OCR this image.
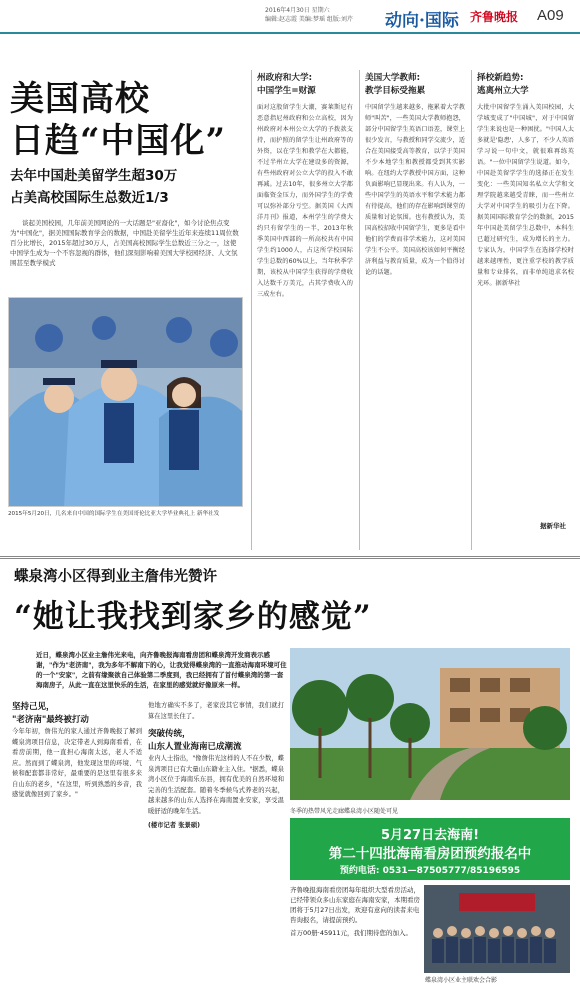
2016年4月30日 星期六
编辑:赵志霞 美编:梦瑶 组版:刘芹	动向·国际 齐鲁晚报 A09
美国高校
日趋“中国化”
去年中国赴美留学生超30万
占美高校国际生总数近1/3
谈起美国校园，几年前美国网论的一大话题是"亚裔化"，如今讨论焦点变为"中国化"，据美国国际教育学会的数据，中国赴美留学生近年来连续11周位数百分比增长，2015年超过30万人，占美国高校国际学生总数近三分之一，这使中国学生成为一个不容忽视的群体，他们深刻影响着美国大学校园经济、人文氛围甚至教学模式
2015年5月20日，几名来自中国的国际学生在美国哥伦比亚大学毕业典礼上 新华社发
州政府和大学:
中国学生=财源
面对这股留学生大潮，赛莱斯尼有恶意指尼州政府和公立高校，因为州政府对本州公立大学的予拨款支持，而护照的留学生让州政府等的外资，以在学生和教学在大都能，不过半州立大学在建设多的资源，有些州政府对公立大学的投入不敢再减。过去10年，很多州立大学都面临资金压力，而外国学生的学费可以弥补部分亏空。据美国《大西洋月刊》报道，本州学生的学费大约只有留学生的一半，2013年秋季美国中西部的一所高校共有中国学生约1000人，占这所学校国际学生总数的60%以上，当年秋季学期，该校从中国学生获得的学费收入达数千万美元，占其学费收入的三成左右。
美国大学教师:
教学目标受拖累
中国留学生越来越多，拖累着大学教师"叫苦"，一些美国大学教师抱怨，部分中国留学生英语口语差，课堂上很少发言，与教授和同学交流少，适合在美国接受高等教育，以学于美国不少本地学生和教授都受到其实影响。在纽约大学教授中国方面，这种负面影响已显现出来。有人认为，一些中国学生的英语水平和学术能力都有待提高，他们的存在影响到课堂的质量和讨论氛围。也有教授认为，美国高校招收中国留学生，更多是看中他们的学费而非学术能力，这对美国学生不公平。美国高校该如何平衡经济利益与教育质量，成为一个值得讨论的话题。
择校新趋势:
逃离州立大学
大批中国留学生涌入美国校园，大学城变成了"中国城"，对于中国留学生来说也是一种困扰。"中国人太多就是'隐患'，人多了，不少人英语学习说一句中文，就很难再练英语。"一位中国留学生说道。如今，中国赴美留学学生的选择正在发生变化：一些美国知名私立大学和文理学院越来越受青睐，而一些州立大学对中国学生的吸引力在下降。据美国国际教育学会的数据，2015年中国赴美留学生总数中，本科生已超过研究生，成为增长的主力。专家认为，中国学生在选择学校时越来越理性，更注重学校的教学质量和专业排名，而非单纯追求名校光环。据新华社
据新华社
蝶泉湾小区得到业主詹伟光赞许
“她让我找到家乡的感觉”
近日，蝶泉湾小区业主詹伟光来电，向齐鲁晚报海南看房团和蝶泉湾开发商表示感谢，"作为"老济南"，我为多年不解南下的心，让我觉得蝶泉湾的一直推动海南环境可住的一个"安家"，之前有缘聚欲自己体验第二季度到，我已经拥有了首付蝶泉湾的第一套海南房子，从此一直在这里快乐的生活，在家里的感觉就好像原来一样。
坚持己见，
"老济南"最终被打动
今年年初，詹伟光的家人通过齐鲁晚报了解到蝶泉湾项目信息，决定带老人到海南看看，在看房前期，他一直担心海南太远，老人不适应。然而到了蝶泉湾，他发现这里的环境、气候和配套都非常好，最重要的是这里有很多来自山东的老乡，"在这里，听到熟悉的乡音，我感觉就像回到了家乡。"
他地方确实不多了，老家没其它事情，我们就打算在这里长住了。
突破传统，
山东人置业海南已成潮流
业内人士指出，"像詹伟光这样的人不在少数，蝶泉湾项目已有大量山东籍业主入住。"据悉，蝶泉湾小区位于海南乐东县，拥有优美的自然环境和完善的生活配套。随着冬季候鸟式养老的兴起，越来越多的山东人选择在海南置业安家，享受温暖舒适的晚年生活。
(楼市记者 张景硕)
冬季的热带风光走廊蝶泉湾小区随处可见
5月27日去海南!
第二十四批海南看房团预约报名中
预约电话: 0531—87505777/85196595
齐鲁晚报海南看房团每年组织大型看房活动，已经带领众多山东家庭在海南安家，本期看房团将于5月27日出发，欢迎有意向的读者来电咨询报名，请提前预约。
首万00册·45911元，我们期待您的加入。
蝶泉湾小区业主联欢会合影
